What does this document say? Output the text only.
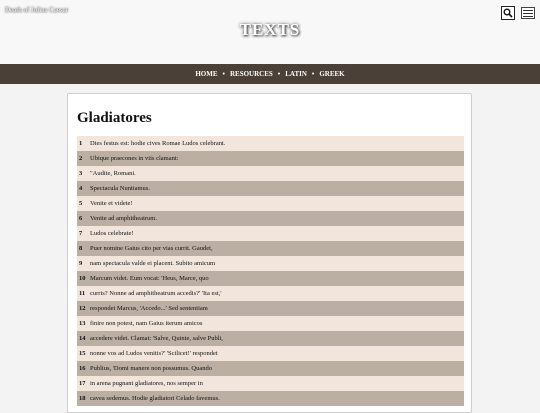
Death of Julius Caesar
TEXTS
HOME • RESOURCES • LATIN • GREEK
Gladiatores
1	Dies festus est: hodie cives Romae Ludos celebrant.
2	Ubique praecones in viis clamant:
3	"Audite, Romani.
4	Spectacula Nuntiamus.
5	Venite et videte!
6	Venite ad amphitheatrum.
7	Ludos celebrate!
8	Puer nomine Gaius cito per vias currit. Gaudet,
9	nam spectacula valde ei placent. Subito amicum
10 Marcum videt. Eum vocat: 'Heus, Marce, quo
11 curris? Nonne ad amphitheatrum accedis?' 'Ita est,'
12 respondet Marcus, 'Accedo...' Sed sententiam
13 finire non potest, nam Gaius iterum amicos
14 accedere videt. Clamat: 'Salve, Quinte, salve Publi,
15 nonne vos ad Ludos venitis?' 'Scilicet!' respondet
16 Publius, 'Domi manere non possumus. Quando
17 in arena pugnant gladiatores, nos semper in
18 cavea sedemus. Hodie gladiatori Celado favemus.
